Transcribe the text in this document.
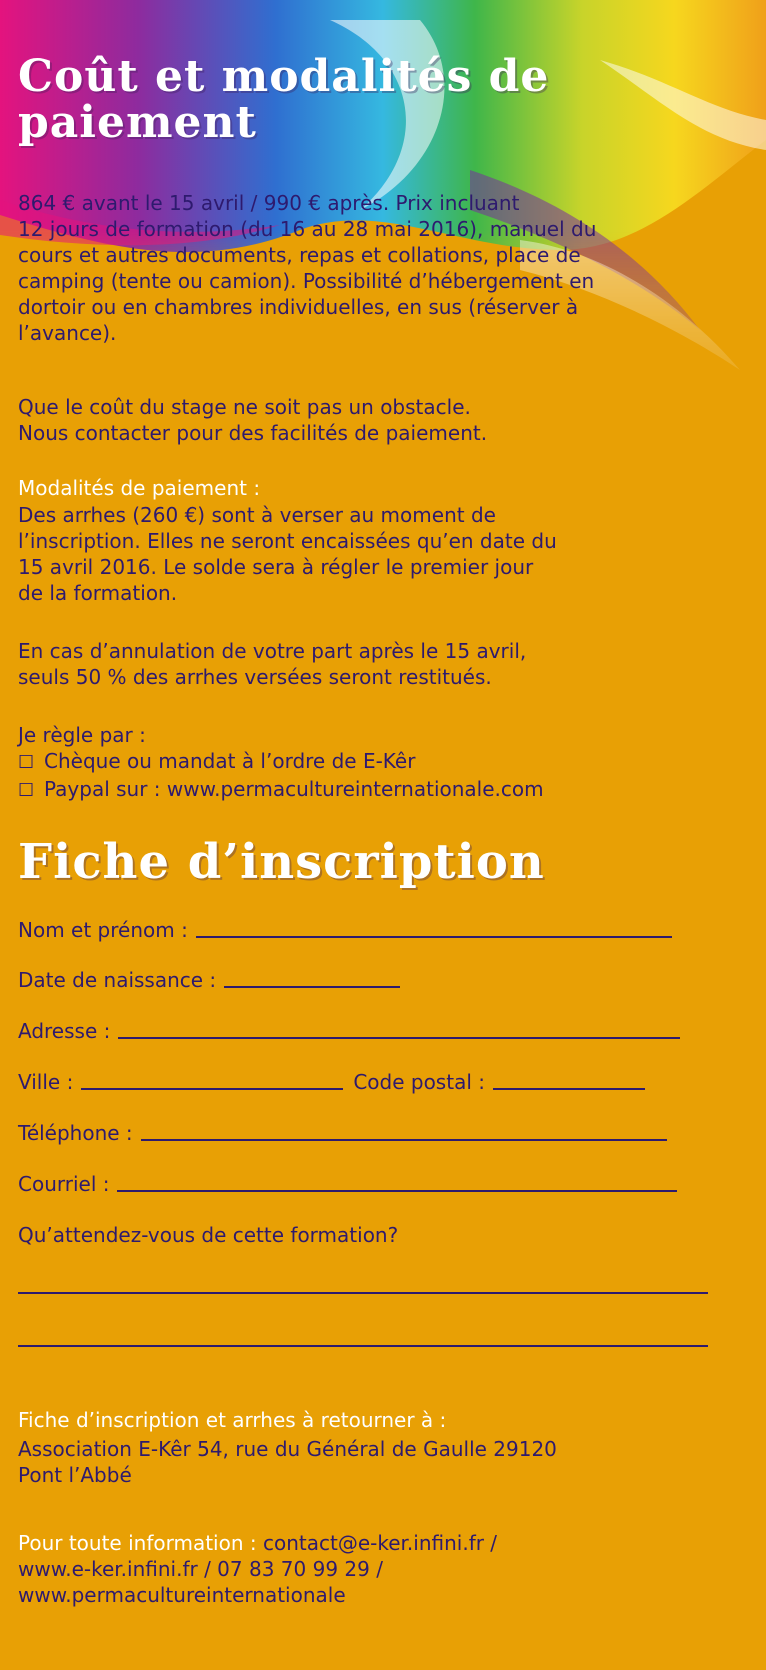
Coût et modalités de paiement
864 € avant le 15 avril / 990 € après. Prix incluant
12 jours de formation (du 16 au 28 mai 2016), manuel du
cours et autres documents, repas et collations, place de
camping (tente ou camion). Possibilité d’hébergement en
dortoir ou en chambres individuelles, en sus (réserver à
l’avance).
Que le coût du stage ne soit pas un obstacle.
Nous contacter pour des facilités de paiement.
Modalités de paiement :
Des arrhes (260 €) sont à verser au moment de
l’inscription. Elles ne seront encaissées qu’en date du
15 avril 2016. Le solde sera à régler le premier jour
de la formation.
En cas d’annulation de votre part après le 15 avril,
seuls 50 % des arrhes versées seront restitués.
Je règle par :
☐ Chèque ou mandat à l’ordre de E-Kêr
☐ Paypal sur : www.permacultureinternationale.com
Fiche d’inscription
Nom et prénom :
Date de naissance :
Adresse :
Ville :	Code postal :
Téléphone :
Courriel :
Qu’attendez-vous de cette formation?
Fiche d’inscription et arrhes à retourner à :
Association E-Kêr 54, rue du Général de Gaulle 29120
Pont l’Abbé
Pour toute information : contact@e-ker.infini.fr /
www.e-ker.infini.fr / 07 83 70 99 29 /
www.permacultureinternationale
